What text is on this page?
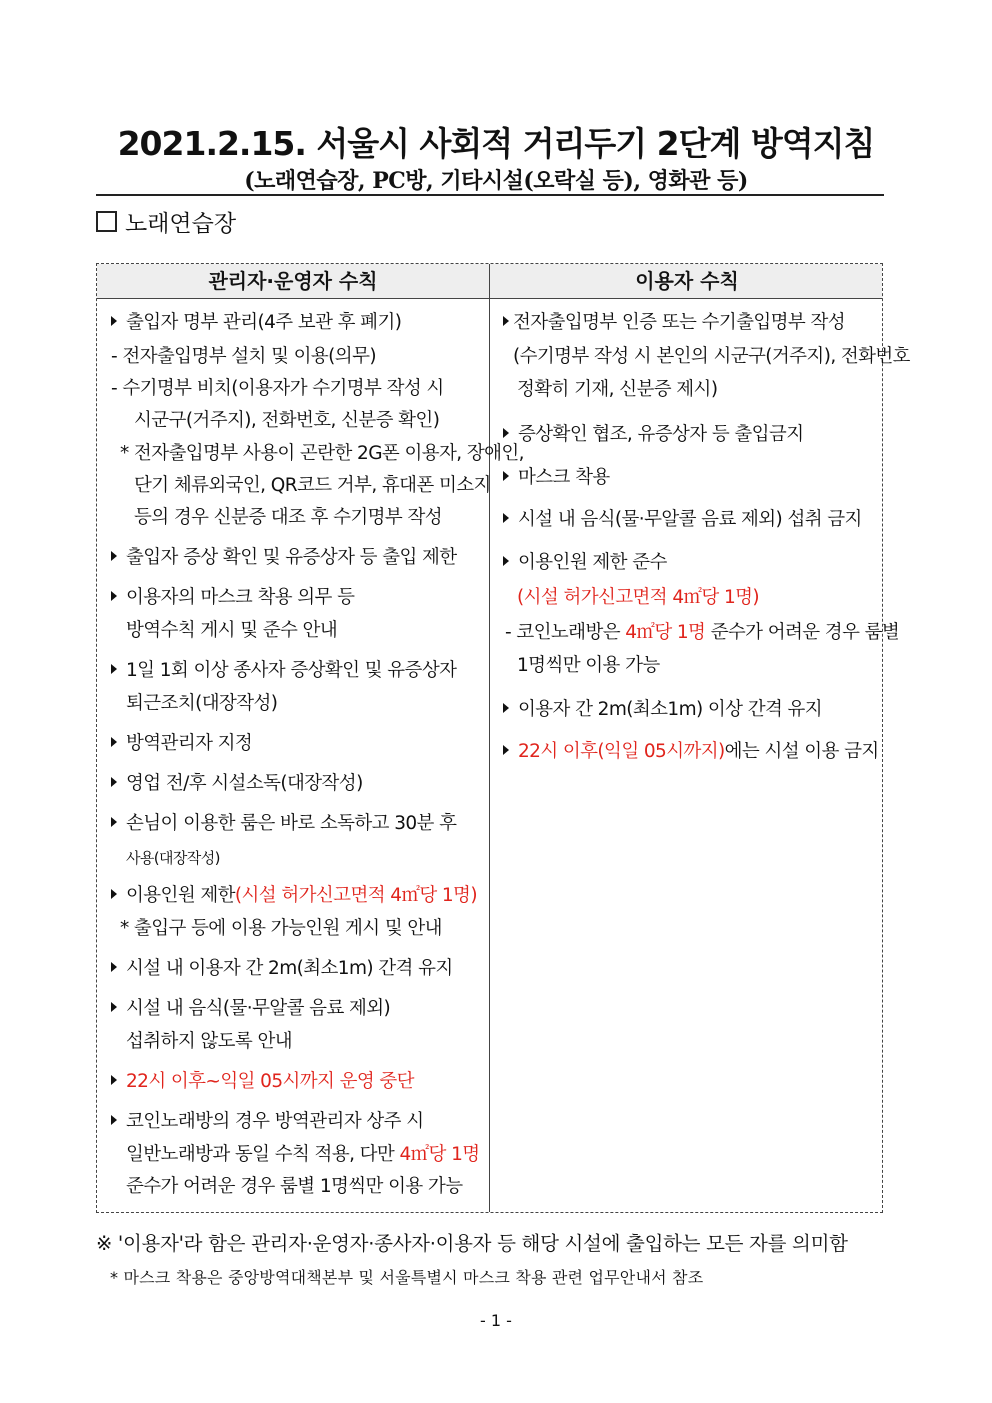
2021.2.15. 서울시 사회적 거리두기 2단계 방역지침
(노래연습장, PC방, 기타시설(오락실 등), 영화관 등)
노래연습장
관리자·운영자 수칙	이용자 수칙
출입자 명부 관리(4주 보관 후 폐기)
- 전자출입명부 설치 및 이용(의무)
- 수기명부 비치(이용자가 수기명부 작성 시
시군구(거주지), 전화번호, 신분증 확인)
* 전자출입명부 사용이 곤란한 2G폰 이용자, 장애인,
단기 체류외국인, QR코드 거부, 휴대폰 미소지
등의 경우 신분증 대조 후 수기명부 작성
출입자 증상 확인 및 유증상자 등 출입 제한
이용자의 마스크 착용 의무 등
방역수칙 게시 및 준수 안내
1일 1회 이상 종사자 증상확인 및 유증상자
퇴근조치(대장작성)
방역관리자 지정
영업 전/후 시설소독(대장작성)
손님이 이용한 룸은 바로 소독하고 30분 후
사용(대장작성)
이용인원 제한(시설 허가신고면적 4㎡당 1명)
* 출입구 등에 이용 가능인원 게시 및 안내
시설 내 이용자 간 2m(최소1m) 간격 유지
시설 내 음식(물·무알콜 음료 제외)
섭취하지 않도록 안내
22시 이후~익일 05시까지 운영 중단
코인노래방의 경우 방역관리자 상주 시
일반노래방과 동일 수칙 적용, 다만 4㎡당 1명
준수가 어려운 경우 룸별 1명씩만 이용 가능
전자출입명부 인증 또는 수기출입명부 작성
(수기명부 작성 시 본인의 시군구(거주지), 전화번호
정확히 기재, 신분증 제시)
증상확인 협조, 유증상자 등 출입금지
마스크 착용
시설 내 음식(물·무알콜 음료 제외) 섭취 금지
이용인원 제한 준수
(시설 허가신고면적 4㎡당 1명)
- 코인노래방은 4㎡당 1명 준수가 어려운 경우 룸별
1명씩만 이용 가능
이용자 간 2m(최소1m) 이상 간격 유지
22시 이후(익일 05시까지)에는 시설 이용 금지
※ '이용자'라 함은 관리자·운영자·종사자·이용자 등 해당 시설에 출입하는 모든 자를 의미함
* 마스크 착용은 중앙방역대책본부 및 서울특별시 마스크 착용 관련 업무안내서 참조
- 1 -
